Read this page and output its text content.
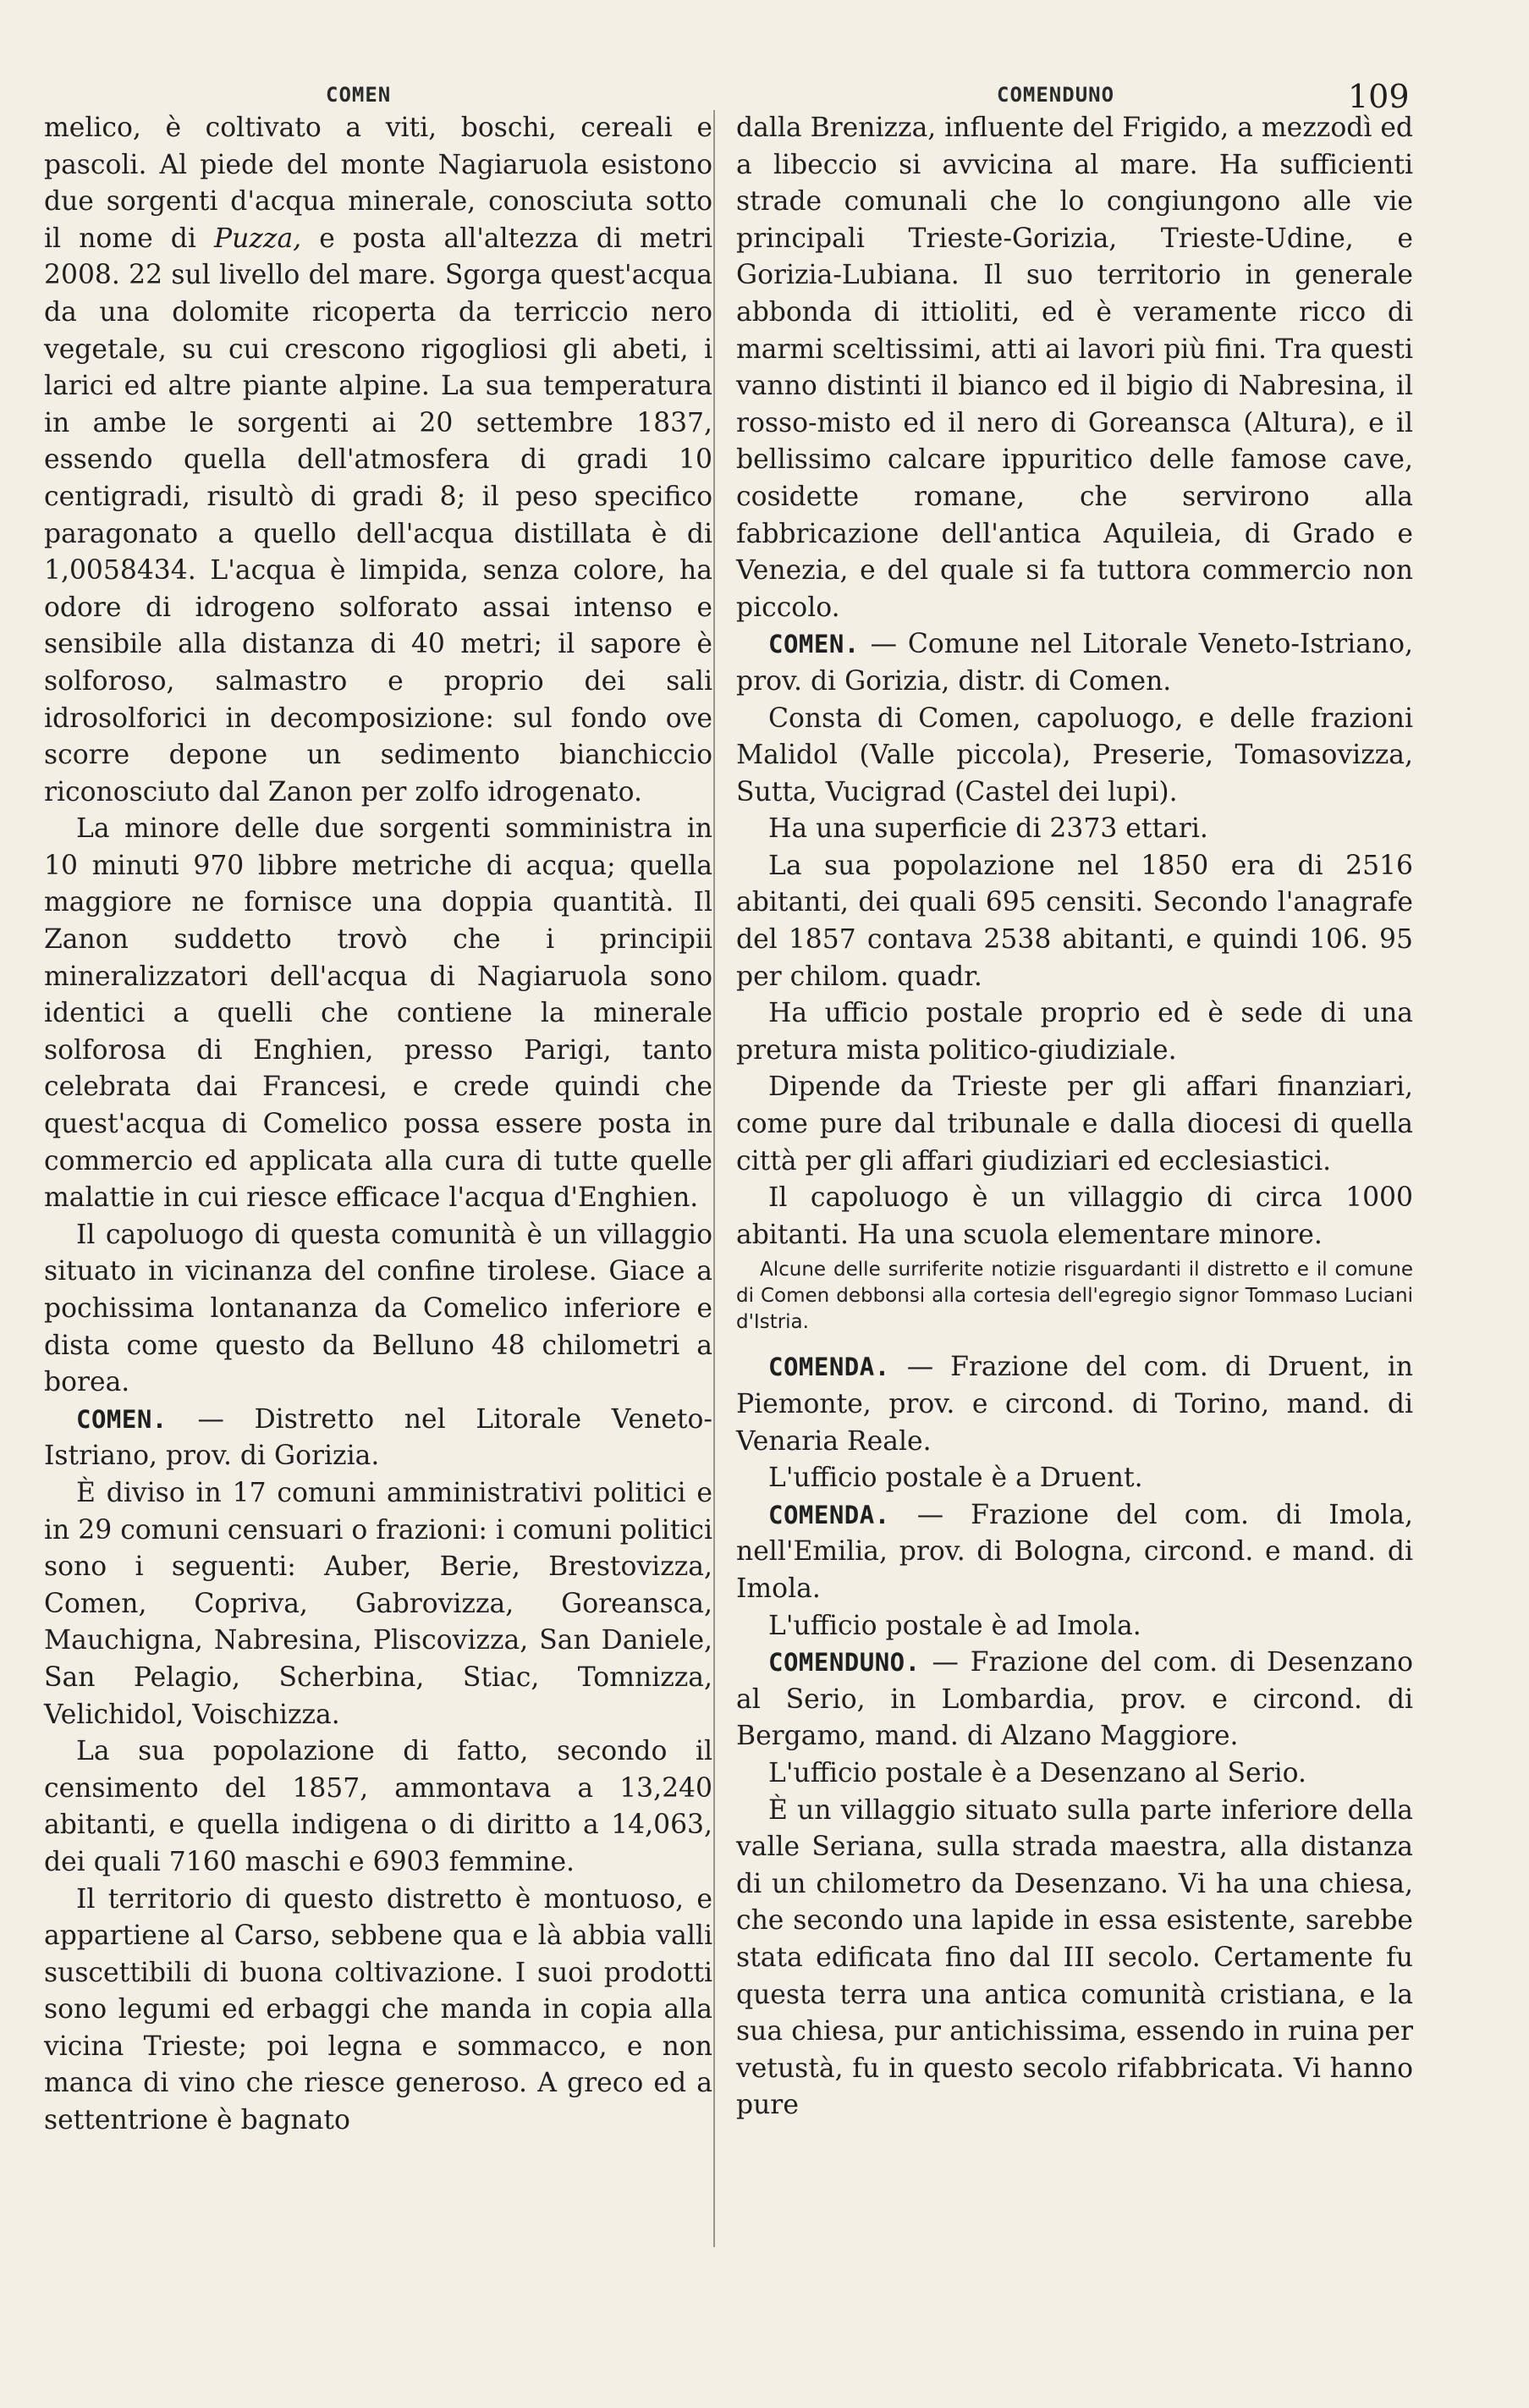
COMEN	COMENDUNO	109

melico, è coltivato a viti, boschi, cereali e pascoli. Al piede del monte Nagiaruola esistono due sorgenti d'acqua minerale, conosciuta sotto il nome di Puzza, e posta all'altezza di metri 2008. 22 sul livello del mare. Sgorga quest'acqua da una dolomite ricoperta da terriccio nero vegetale, su cui crescono rigogliosi gli abeti, i larici ed altre piante alpine. La sua temperatura in ambe le sorgenti ai 20 settembre 1837, essendo quella dell'atmosfera di gradi 10 centigradi, risultò di gradi 8; il peso specifico paragonato a quello dell'acqua distillata è di 1,0058434. L'acqua è limpida, senza colore, ha odore di idrogeno solforato assai intenso e sensibile alla distanza di 40 metri; il sapore è solforoso, salmastro e proprio dei sali idrosolforici in decomposizione: sul fondo ove scorre depone un sedimento bianchiccio riconosciuto dal Zanon per zolfo idrogenato.

La minore delle due sorgenti somministra in 10 minuti 970 libbre metriche di acqua; quella maggiore ne fornisce una doppia quantità. Il Zanon suddetto trovò che i principii mineralizzatori dell'acqua di Nagiaruola sono identici a quelli che contiene la minerale solforosa di Enghien, presso Parigi, tanto celebrata dai Francesi, e crede quindi che quest'acqua di Comelico possa essere posta in commercio ed applicata alla cura di tutte quelle malattie in cui riesce efficace l'acqua d'Enghien.

Il capoluogo di questa comunità è un villaggio situato in vicinanza del confine tirolese. Giace a pochissima lontananza da Comelico inferiore e dista come questo da Belluno 48 chilometri a borea.

COMEN. — Distretto nel Litorale Veneto-Istriano, prov. di Gorizia.

È diviso in 17 comuni amministrativi politici e in 29 comuni censuari o frazioni: i comuni politici sono i seguenti: Auber, Berie, Brestovizza, Comen, Copriva, Gabrovizza, Goreansca, Mauchigna, Nabresina, Pliscovizza, San Daniele, San Pelagio, Scherbina, Stiac, Tomnizza, Velichidol, Voischizza.

La sua popolazione di fatto, secondo il censimento del 1857, ammontava a 13,240 abitanti, e quella indigena o di diritto a 14,063, dei quali 7160 maschi e 6903 femmine.

Il territorio di questo distretto è montuoso, e appartiene al Carso, sebbene qua e là abbia valli suscettibili di buona coltivazione. I suoi prodotti sono legumi ed erbaggi che manda in copia alla vicina Trieste; poi legna e sommacco, e non manca di vino che riesce generoso. A greco ed a settentrione è bagnato

dalla Brenizza, influente del Frigido, a mezzodì ed a libeccio si avvicina al mare. Ha sufficienti strade comunali che lo congiungono alle vie principali Trieste-Gorizia, Trieste-Udine, e Gorizia-Lubiana. Il suo territorio in generale abbonda di ittioliti, ed è veramente ricco di marmi sceltissimi, atti ai lavori più fini. Tra questi vanno distinti il bianco ed il bigio di Nabresina, il rosso-misto ed il nero di Goreansca (Altura), e il bellissimo calcare ippuritico delle famose cave, cosidette romane, che servirono alla fabbricazione dell'antica Aquileia, di Grado e Venezia, e del quale si fa tuttora commercio non piccolo.

COMEN. — Comune nel Litorale Veneto-Istriano, prov. di Gorizia, distr. di Comen.

Consta di Comen, capoluogo, e delle frazioni Malidol (Valle piccola), Preserie, Tomasovizza, Sutta, Vucigrad (Castel dei lupi).

Ha una superficie di 2373 ettari.

La sua popolazione nel 1850 era di 2516 abitanti, dei quali 695 censiti. Secondo l'anagrafe del 1857 contava 2538 abitanti, e quindi 106. 95 per chilom. quadr.

Ha ufficio postale proprio ed è sede di una pretura mista politico-giudiziale.

Dipende da Trieste per gli affari finanziari, come pure dal tribunale e dalla diocesi di quella città per gli affari giudiziari ed ecclesiastici.

Il capoluogo è un villaggio di circa 1000 abitanti. Ha una scuola elementare minore.

Alcune delle surriferite notizie risguardanti il distretto e il comune di Comen debbonsi alla cortesia dell'egregio signor Tommaso Luciani d'Istria.

COMENDA. — Frazione del com. di Druent, in Piemonte, prov. e circond. di Torino, mand. di Venaria Reale.

L'ufficio postale è a Druent.

COMENDA. — Frazione del com. di Imola, nell'Emilia, prov. di Bologna, circond. e mand. di Imola.

L'ufficio postale è ad Imola.

COMENDUNO. — Frazione del com. di Desenzano al Serio, in Lombardia, prov. e circond. di Bergamo, mand. di Alzano Maggiore.

L'ufficio postale è a Desenzano al Serio.

È un villaggio situato sulla parte inferiore della valle Seriana, sulla strada maestra, alla distanza di un chilometro da Desenzano. Vi ha una chiesa, che secondo una lapide in essa esistente, sarebbe stata edificata fino dal III secolo. Certamente fu questa terra una antica comunità cristiana, e la sua chiesa, pur antichissima, essendo in ruina per vetustà, fu in questo secolo rifabbricata. Vi hanno pure
